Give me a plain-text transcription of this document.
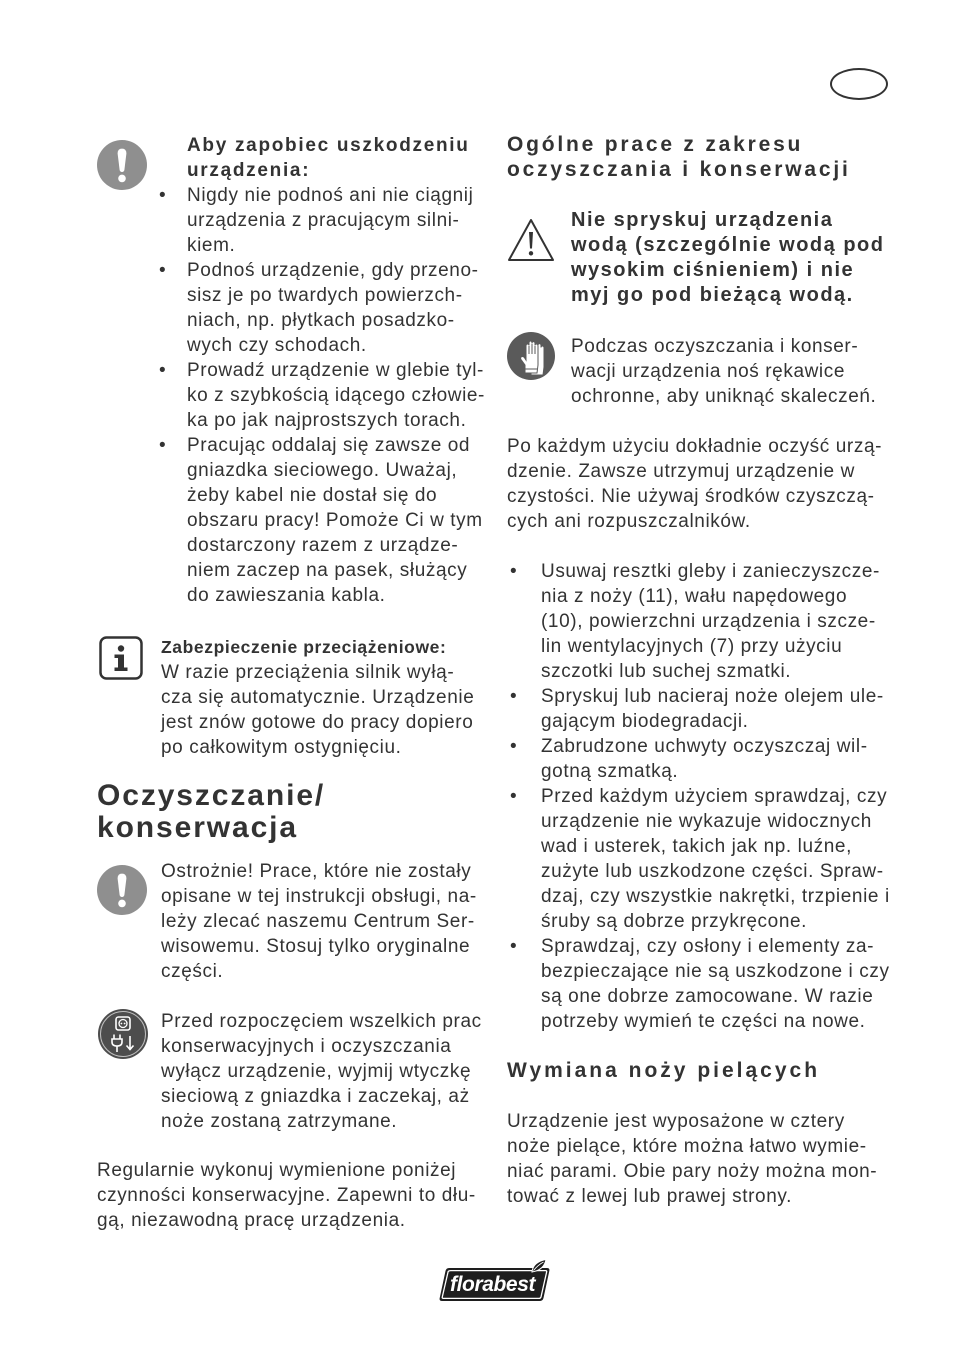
Aby zapobiec uszkodzeniu
urządzenia:
•
Nigdy nie podnoś ani nie ciągnij
urządzenia z pracującym silni-
kiem.
•
Podnoś urządzenie, gdy przeno-
sisz je po twardych powierzch-
niach, np. płytkach posadzko-
wych czy schodach.
•
Prowadź urządzenie w glebie tyl-
ko z szybkością idącego człowie-
ka po jak najprostszych torach.
•
Pracując oddalaj się zawsze od
gniazdka sieciowego. Uważaj,
żeby kabel nie dostał się do
obszaru pracy! Pomoże Ci w tym
dostarczony razem z urządze-
niem zaczep na pasek, służący
do zawieszania kabla.
Zabezpieczenie przeciążeniowe:
W razie przeciążenia silnik wyłą-
cza się automatycznie. Urządzenie
jest znów gotowe do pracy dopiero
po całkowitym ostygnięciu.
Oczyszczanie/
konserwacja
Ostrożnie! Prace, które nie zostały
opisane w tej instrukcji obsługi, na-
leży zlecać naszemu Centrum Ser-
wisowemu. Stosuj tylko oryginalne
części.
Przed rozpoczęciem wszelkich prac
konserwacyjnych i oczyszczania
wyłącz urządzenie, wyjmij wtyczkę
sieciową z gniazdka i zaczekaj, aż
noże zostaną zatrzymane.
Regularnie wykonuj wymienione poniżej
czynności konserwacyjne. Zapewni to dłu-
gą, niezawodną pracę urządzenia.
Ogólne prace z zakresu
oczyszczania i konserwacji
Nie spryskuj urządzenia
wodą (szczególnie wodą pod
wysokim ciśnieniem) i nie
myj go pod bieżącą wodą.
Podczas oczyszczania i konser-
wacji urządzenia noś rękawice
ochronne, aby uniknąć skaleczeń.
Po każdym użyciu dokładnie oczyść urzą-
dzenie. Zawsze utrzymuj urządzenie w
czystości. Nie używaj środków czyszczą-
cych ani rozpuszczalników.
•
Usuwaj resztki gleby i zanieczyszcze-
nia z noży (11), wału napędowego
(10), powierzchni urządzenia i szcze-
lin wentylacyjnych (7) przy użyciu
szczotki lub suchej szmatki.
•
Spryskuj lub nacieraj noże olejem ule-
gającym biodegradacji.
•
Zabrudzone uchwyty oczyszczaj wil-
gotną szmatką.
•
Przed każdym użyciem sprawdzaj, czy
urządzenie nie wykazuje widocznych
wad i usterek, takich jak np. luźne,
zużyte lub uszkodzone części. Spraw-
dzaj, czy wszystkie nakrętki, trzpienie i
śruby są dobrze przykręcone.
•
Sprawdzaj, czy osłony i elementy za-
bezpieczające nie są uszkodzone i czy
są one dobrze zamocowane. W razie
potrzeby wymień te części na nowe.
Wymiana noży pielących
Urządzenie jest wyposażone w cztery
noże pielące, które można łatwo wymie-
niać parami. Obie pary noży można mon-
tować z lewej lub prawej strony.
florabest
